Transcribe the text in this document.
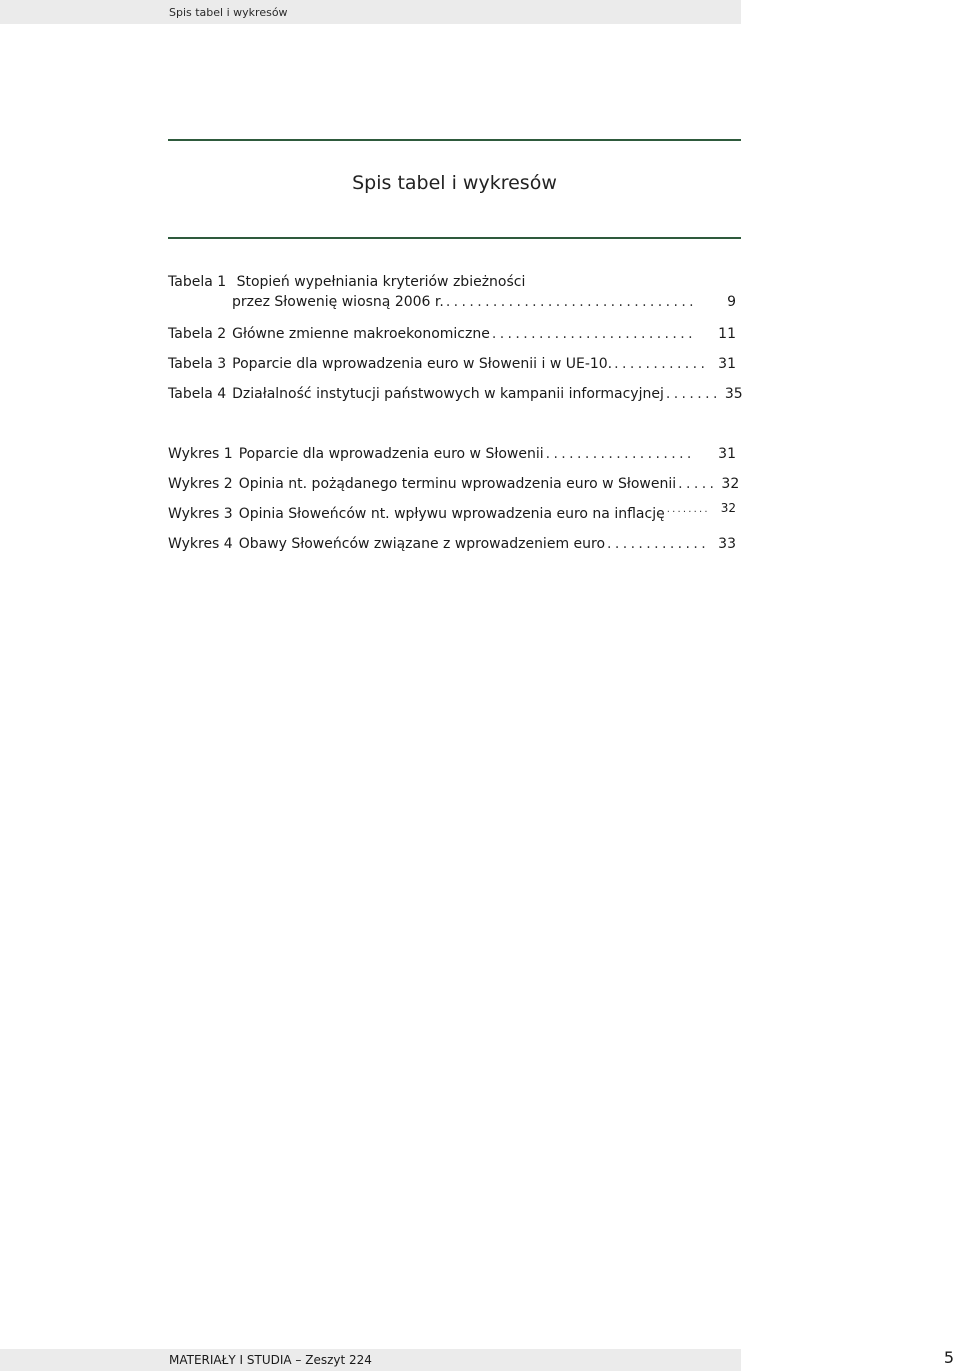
Spis tabel i wykresów
Spis tabel i wykresów
Tabela 1 Stopień wypełniania kryteriów zbieżności
przez Słowenię wiosną 2006 r. ................................	9
Tabela 2 Główne zmienne makroekonomiczne ..........................	11
Tabela 3 Poparcie dla wprowadzenia euro w Słowenii i w UE-10. ............ 31
Tabela 4 Działalność instytucji państwowych w kampanii informacyjnej ....... 35
Wykres 1 Poparcie dla wprowadzenia euro w Słowenii ...................	31
Wykres 2 Opinia nt. pożądanego terminu wprowadzenia euro w Słowenii ..... 32
Wykres 3 Opinia Słoweńców nt. wpływu wprowadzenia euro na inflację ........ 32
Wykres 4 Obawy Słoweńców związane z wprowadzeniem euro ............. 33
MATERIAŁY I STUDIA – Zeszyt 224	5
